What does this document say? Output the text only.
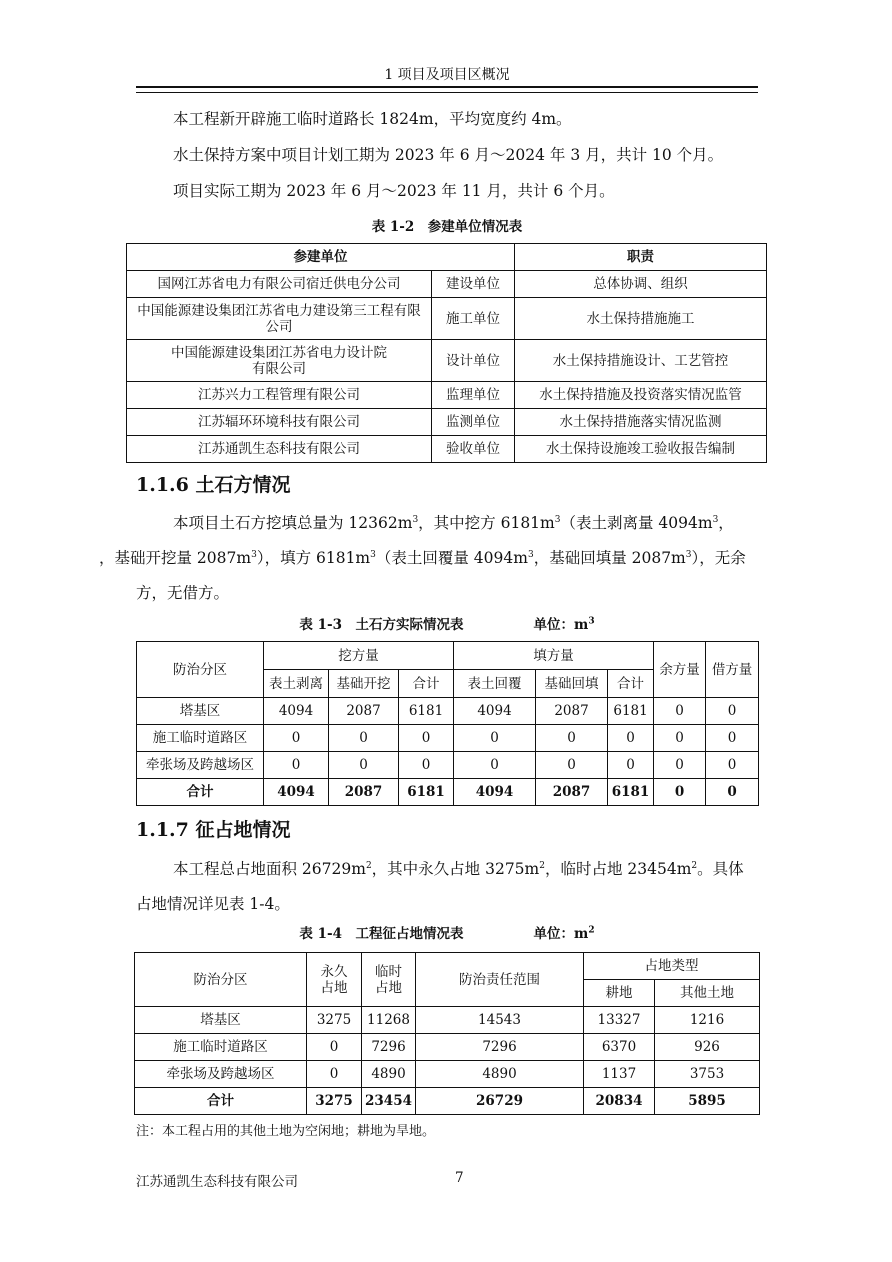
1 项目及项目区概况

本工程新开辟施工临时道路长 1824m，平均宽度约 4m。

水土保持方案中项目计划工期为 2023 年 6 月～2024 年 3 月，共计 10 个月。

项目实际工期为 2023 年 6 月～2023 年 11 月，共计 6 个月。

表 1-2　参建单位情况表
参建单位		职责
国网江苏省电力有限公司宿迁供电分公司	建设单位	总体协调、组织
中国能源建设集团江苏省电力建设第三工程有限公司	施工单位	水土保持措施施工
中国能源建设集团江苏省电力设计院有限公司	设计单位	水土保持措施设计、工艺管控
江苏兴力工程管理有限公司	监理单位	水土保持措施及投资落实情况监管
江苏辐环环境科技有限公司	监测单位	水土保持措施落实情况监测
江苏通凯生态科技有限公司	验收单位	水土保持设施竣工验收报告编制
1.1.6 土石方情况

本项目土石方挖填总量为 $12362m^3$，其中挖方 $6181m^3$（表土剥离量 $4094m^3$，
，基础开挖量 $2087m^3$），填方 $6181m^3$（表土回覆量 $4094m^3$，基础回填量 $2087m^3$），无余方，无借方。

表 1-3　土石方实际情况表	单位：$m^3$
防治分区	挖方量			填方量			余方量	借方量
	表土剥离	基础开挖	合计	表土回覆	基础回填	合计		
塔基区	4094	2087	6181	4094	2087	6181	0	0
施工临时道路区	0	0	0	0	0	0	0	0
牵张场及跨越场区	0	0	0	0	0	0	0	0
合计	4094	2087	6181	4094	2087	6181	0	0
1.1.7 征占地情况

本工程总占地面积 $26729m^2$，其中永久占地 $3275m^2$，临时占地 $23454m^2$。具体占地情况详见表 1-4。

表 1-4　工程征占地情况表	单位：$m^2$
防治分区	永久占地	临时占地	防治责任范围	占地类型	
				耕地	其他土地
塔基区	3275	11268	14543	13327	1216
施工临时道路区	0	7296	7296	6370	926
牵张场及跨越场区	0	4890	4890	1137	3753
合计	3275	23454	26729	20834	5895
注：本工程占用的其他土地为空闲地；耕地为旱地。
江苏通凯生态科技有限公司	7
